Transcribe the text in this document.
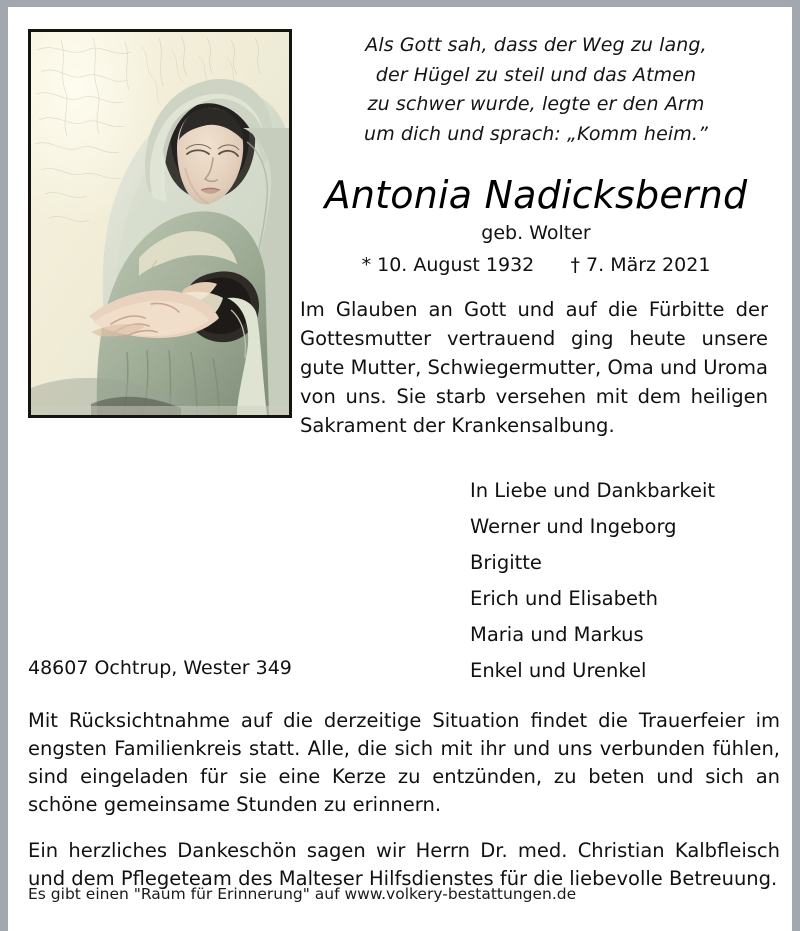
Als Gott sah, dass der Weg zu lang,
der Hügel zu steil und das Atmen
zu schwer wurde, legte er den Arm
um dich und sprach: „Komm heim.”
Antonia Nadicksbernd
geb. Wolter
* 10. August 1932      † 7. März 2021

Im Glauben an Gott und auf die Fürbitte der Gottesmutter vertrauend ging heute unsere gute Mutter, Schwiegermutter, Oma und Uroma von uns. Sie starb versehen mit dem heiligen Sakrament der Krankensalbung.

In Liebe und Dankbarkeit
Werner und Ingeborg
Brigitte
Erich und Elisabeth
Maria und Markus
Enkel und Urenkel
48607 Ochtrup, Wester 349

Mit Rücksichtnahme auf die derzeitige Situation findet die Trauerfeier im engsten Familienkreis statt. Alle, die sich mit ihr und uns verbunden fühlen, sind eingeladen für sie eine Kerze zu entzünden, zu beten und sich an schöne gemeinsame Stunden zu erinnern.

Ein herzliches Dankeschön sagen wir Herrn Dr. med. Christian Kalbfleisch und dem Pflegeteam des Malteser Hilfsdienstes für die liebevolle Betreuung.

Es gibt einen "Raum für Erinnerung" auf www.volkery-bestattungen.de
